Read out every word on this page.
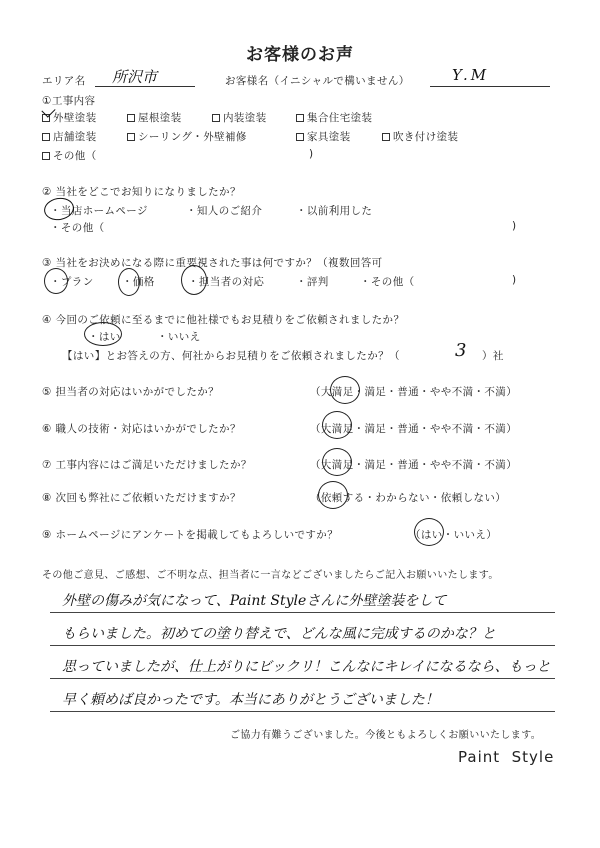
お客様のお声
エリア名 所沢市	お客様名（イニシャルで構いません）	Y.M
①工事内容
外壁塗装	屋根塗装	内装塗装	集合住宅塗装
店舗塗装	シーリング・外壁補修	家具塗装	吹き付け塗装
その他（	)
② 当社をどこでお知りになりましたか？
・当店ホームページ	・知人のご紹介	・以前利用した
・その他（	)
③ 当社をお決めになる際に重要視された事は何ですか？（複数回答可
・プラン	・価格	・担当者の対応	・評判	・その他（	)
④ 今回のご依頼に至るまでに他社様でもお見積りをご依頼されましたか？
・はい	・いいえ
【はい】とお答えの方、何社からお見積りをご依頼されましたか？（	3 ）社
⑤ 担当者の対応はいかがでしたか？	（大満足・満足・普通・やや不満・不満）
⑥ 職人の技術・対応はいかがでしたか？	（大満足・満足・普通・やや不満・不満）
⑦ 工事内容にはご満足いただけましたか？	（大満足・満足・普通・やや不満・不満）
⑧ 次回も弊社にご依頼いただけますか？	（依頼する・わからない・依頼しない）
⑨ ホームページにアンケートを掲載してもよろしいですか？	（はい・いいえ）
その他ご意見、ご感想、ご不明な点、担当者に一言などございましたらご記入お願いいたします。
外壁の傷みが気になって、Paint Styleさんに外壁塗装をして
もらいました。初めての塗り替えで、どんな風に完成するのかな？と
思っていましたが、仕上がりにビックリ！こんなにキレイになるなら、もっと
早く頼めば良かったです。本当にありがとうございました！
ご協力有難うございました。今後ともよろしくお願いいたします。
Paint  Style
